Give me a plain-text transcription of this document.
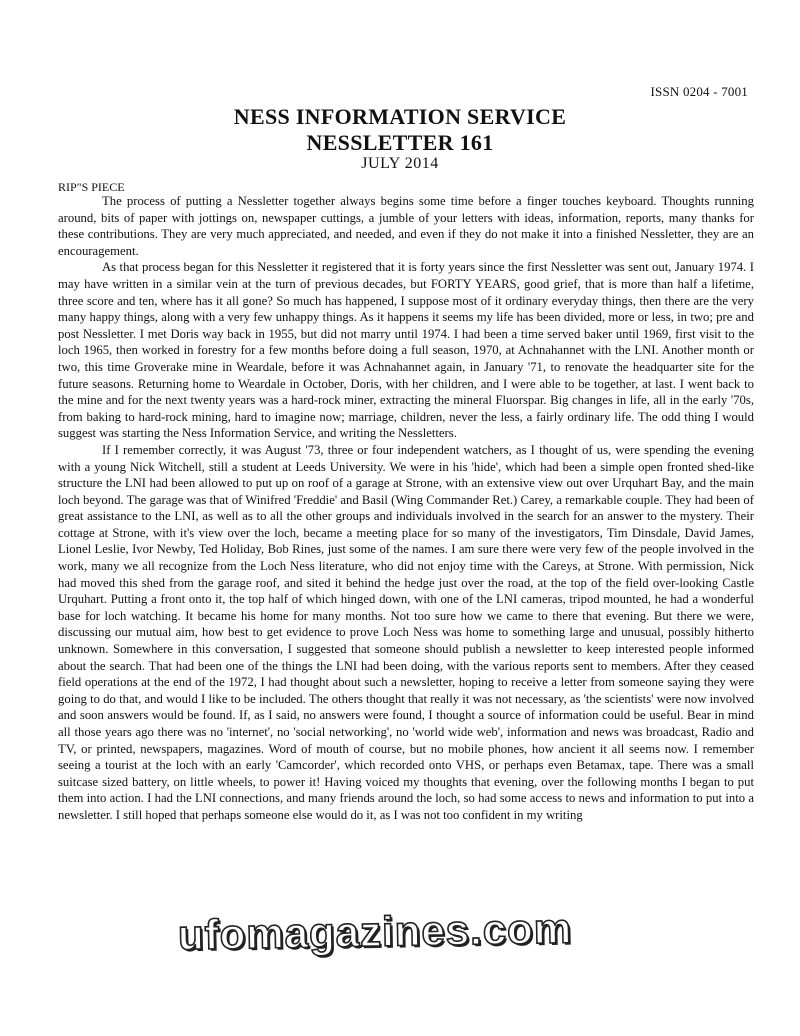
ISSN 0204 - 7001
NESS INFORMATION SERVICE
NESSLETTER 161
JULY 2014
RIP"S PIECE

The process of putting a Nessletter together always begins some time before a finger touches keyboard. Thoughts running around, bits of paper with jottings on, newspaper cuttings, a jumble of your letters with ideas, information, reports, many thanks for these contributions. They are very much appreciated, and needed, and even if they do not make it into a finished Nessletter, they are an encouragement.

As that process began for this Nessletter it registered that it is forty years since the first Nessletter was sent out, January 1974. I may have written in a similar vein at the turn of previous decades, but FORTY YEARS, good grief, that is more than half a lifetime, three score and ten, where has it all gone? So much has happened, I suppose most of it ordinary everyday things, then there are the very many happy things, along with a very few unhappy things. As it happens it seems my life has been divided, more or less, in two; pre and post Nessletter. I met Doris way back in 1955, but did not marry until 1974. I had been a time served baker until 1969, first visit to the loch 1965, then worked in forestry for a few months before doing a full season, 1970, at Achnahannet with the LNI. Another month or two, this time Groverake mine in Weardale, before it was Achnahannet again, in January '71, to renovate the headquarter site for the future seasons. Returning home to Weardale in October, Doris, with her children, and I were able to be together, at last. I went back to the mine and for the next twenty years was a hard-rock miner, extracting the mineral Fluorspar. Big changes in life, all in the early '70s, from baking to hard-rock mining, hard to imagine now; marriage, children, never the less, a fairly ordinary life. The odd thing I would suggest was starting the Ness Information Service, and writing the Nessletters.

If I remember correctly, it was August '73, three or four independent watchers, as I thought of us, were spending the evening with a young Nick Witchell, still a student at Leeds University. We were in his 'hide', which had been a simple open fronted shed-like structure the LNI had been allowed to put up on roof of a garage at Strone, with an extensive view out over Urquhart Bay, and the main loch beyond. The garage was that of Winifred 'Freddie' and Basil (Wing Commander Ret.) Carey, a remarkable couple. They had been of great assistance to the LNI, as well as to all the other groups and individuals involved in the search for an answer to the mystery. Their cottage at Strone, with it's view over the loch, became a meeting place for so many of the investigators, Tim Dinsdale, David James, Lionel Leslie, Ivor Newby, Ted Holiday, Bob Rines, just some of the names. I am sure there were very few of the people involved in the work, many we all recognize from the Loch Ness literature, who did not enjoy time with the Careys, at Strone. With permission, Nick had moved this shed from the garage roof, and sited it behind the hedge just over the road, at the top of the field over-looking Castle Urquhart. Putting a front onto it, the top half of which hinged down, with one of the LNI cameras, tripod mounted, he had a wonderful base for loch watching. It became his home for many months. Not too sure how we came to there that evening. But there we were, discussing our mutual aim, how best to get evidence to prove Loch Ness was home to something large and unusual, possibly hitherto unknown. Somewhere in this conversation, I suggested that someone should publish a newsletter to keep interested people informed about the search. That had been one of the things the LNI had been doing, with the various reports sent to members. After they ceased field operations at the end of the 1972, I had thought about such a newsletter, hoping to receive a letter from someone saying they were going to do that, and would I like to be included. The others thought that really it was not necessary, as 'the scientists' were now involved and soon answers would be found. If, as I said, no answers were found, I thought a source of information could be useful. Bear in mind all those years ago there was no 'internet', no 'social networking', no 'world wide web', information and news was broadcast, Radio and TV, or printed, newspapers, magazines. Word of mouth of course, but no mobile phones, how ancient it all seems now. I remember seeing a tourist at the loch with an early 'Camcorder', which recorded onto VHS, or perhaps even Betamax, tape. There was a small suitcase sized battery, on little wheels, to power it! Having voiced my thoughts that evening, over the following months I began to put them into action. I had the LNI connections, and many friends around the loch, so had some access to news and information to put into a newsletter. I still hoped that perhaps someone else would do it, as I was not too confident in my writing

ufomagazines.com
